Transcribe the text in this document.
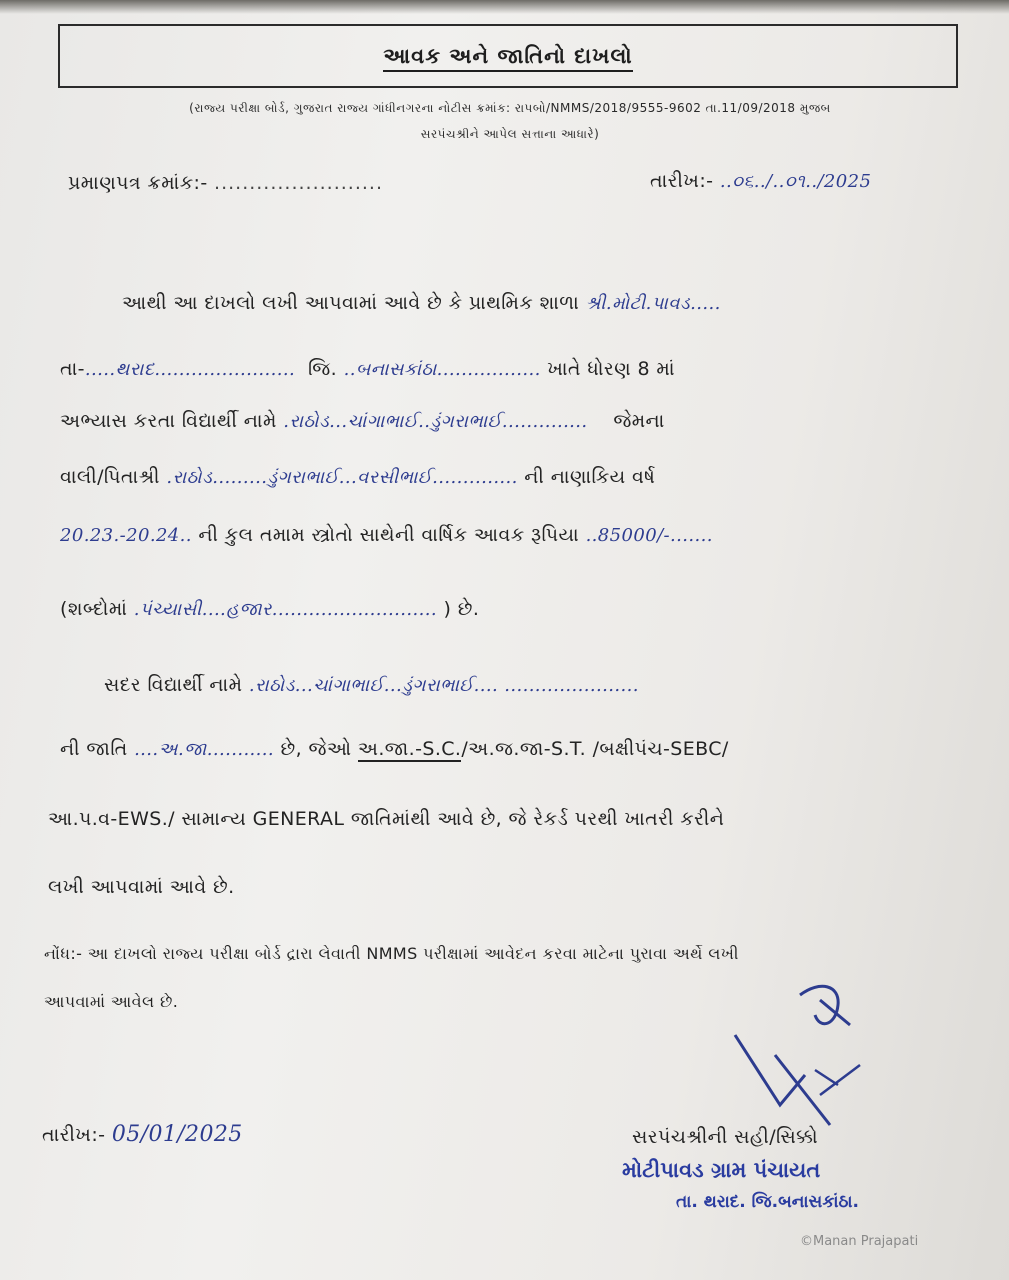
આવક અને જાતિનો દાખલો
(રાજ્ય પરીક્ષા બોર્ડ, ગુજરાત રાજ્ય ગાંધીનગરના નોટીસ ક્રમાંક: રાપબો/NMMS/2018/9555-9602 તા.11/09/2018 મુજબ
સરપંચશ્રીને આપેલ સત્તાના આધારે)
પ્રમાણપત્ર ક્રમાંક:- ........................	તારીખ:- ..૦૬../..૦૧../2025
આથી આ દાખલો લખી આપવામાં આવે છે કે પ્રાથમિક શાળા શ્રી.મોટી.પાવડ.....
તા-.....થરાદ....................... જિ. ..બનાસકાંઠા................. ખાતે ધોરણ 8 માં
અભ્યાસ કરતા વિદ્યાર્થી નામે .રાઠોડ...ચાંગાભાઈ..ડુંગરાભાઈ.............. જેમના
વાલી/પિતાશ્રી .રાઠોડ.........ડુંગરાભાઈ...વરસીભાઈ.............. ની નાણાકિય વર્ષ
20.23.-20.24.. ની કુલ તમામ સ્ત્રોતો સાથેની વાર્ષિક આવક રૂપિયા ..85000/-.......
(શબ્દોમાં .પંચ્યાસી....હજાર........................... ) છે.
સદર વિદ્યાર્થી નામે .રાઠોડ...ચાંગાભાઈ...ડુંગરાભાઈ.... ......................
ની જાતિ ....અ.જા........... છે, જેઓ અ.જા.-S.C./અ.જ.જા-S.T. /બક્ષીપંચ-SEBC/
આ.પ.વ-EWS./ સામાન્ય GENERAL જાતિમાંથી આવે છે, જે રેકર્ડ પરથી ખાતરી કરીને
લખી આપવામાં આવે છે.
નોંધ:- આ દાખલો રાજ્ય પરીક્ષા બોર્ડ દ્રારા લેવાતી NMMS પરીક્ષામાં આવેદન કરવા માટેના પુરાવા અર્થે લખી
આપવામાં આવેલ છે.
તારીખ:- 05/01/2025	સરપંચશ્રીની સહી/સિક્કો
મોટીપાવડ ગ્રામ પંચાયત
તા. થરાદ. જિ.બનાસકાંઠા.
©Manan Prajapati
